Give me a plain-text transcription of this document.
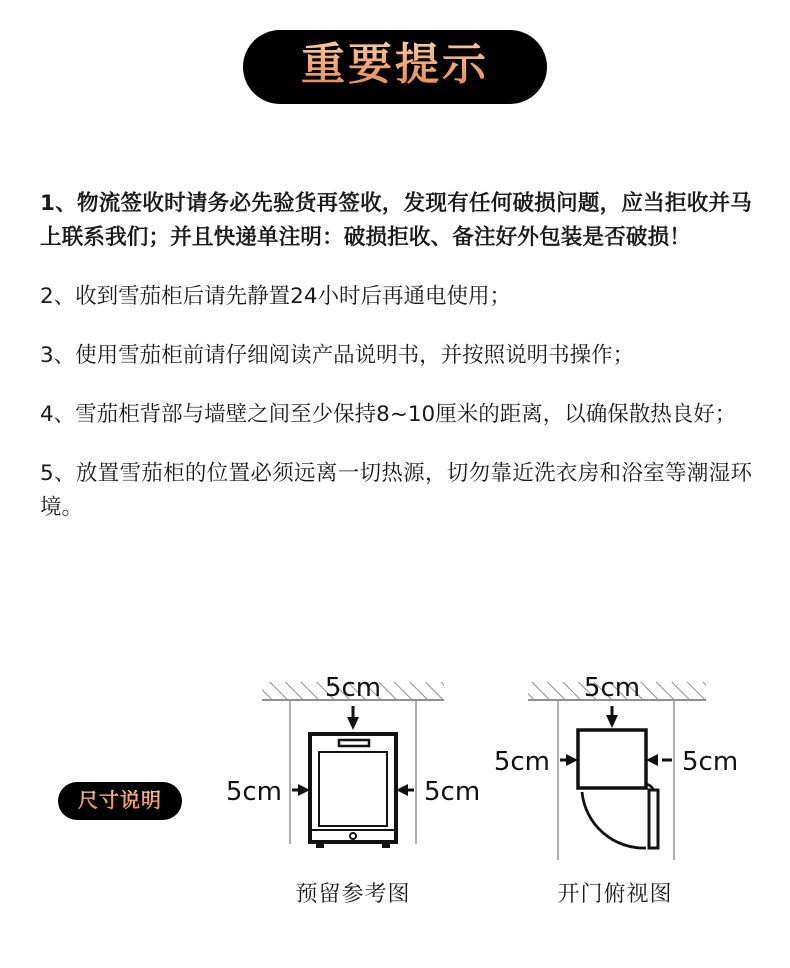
重要提示

1、物流签收时请务必先验货再签收，发现有任何破损问题，应当拒收并马上联系我们；并且快递单注明：破损拒收、备注好外包装是否破损！

2、收到雪茄柜后请先静置24小时后再通电使用；

3、使用雪茄柜前请仔细阅读产品说明书，并按照说明书操作；

4、雪茄柜背部与墙壁之间至少保持8~10厘米的距离，以确保散热良好；

5、放置雪茄柜的位置必须远离一切热源，切勿靠近洗衣房和浴室等潮湿环境。

尺寸说明
5cm
5cm	5cm
预留参考图
5cm
5cm	5cm
开门俯视图
